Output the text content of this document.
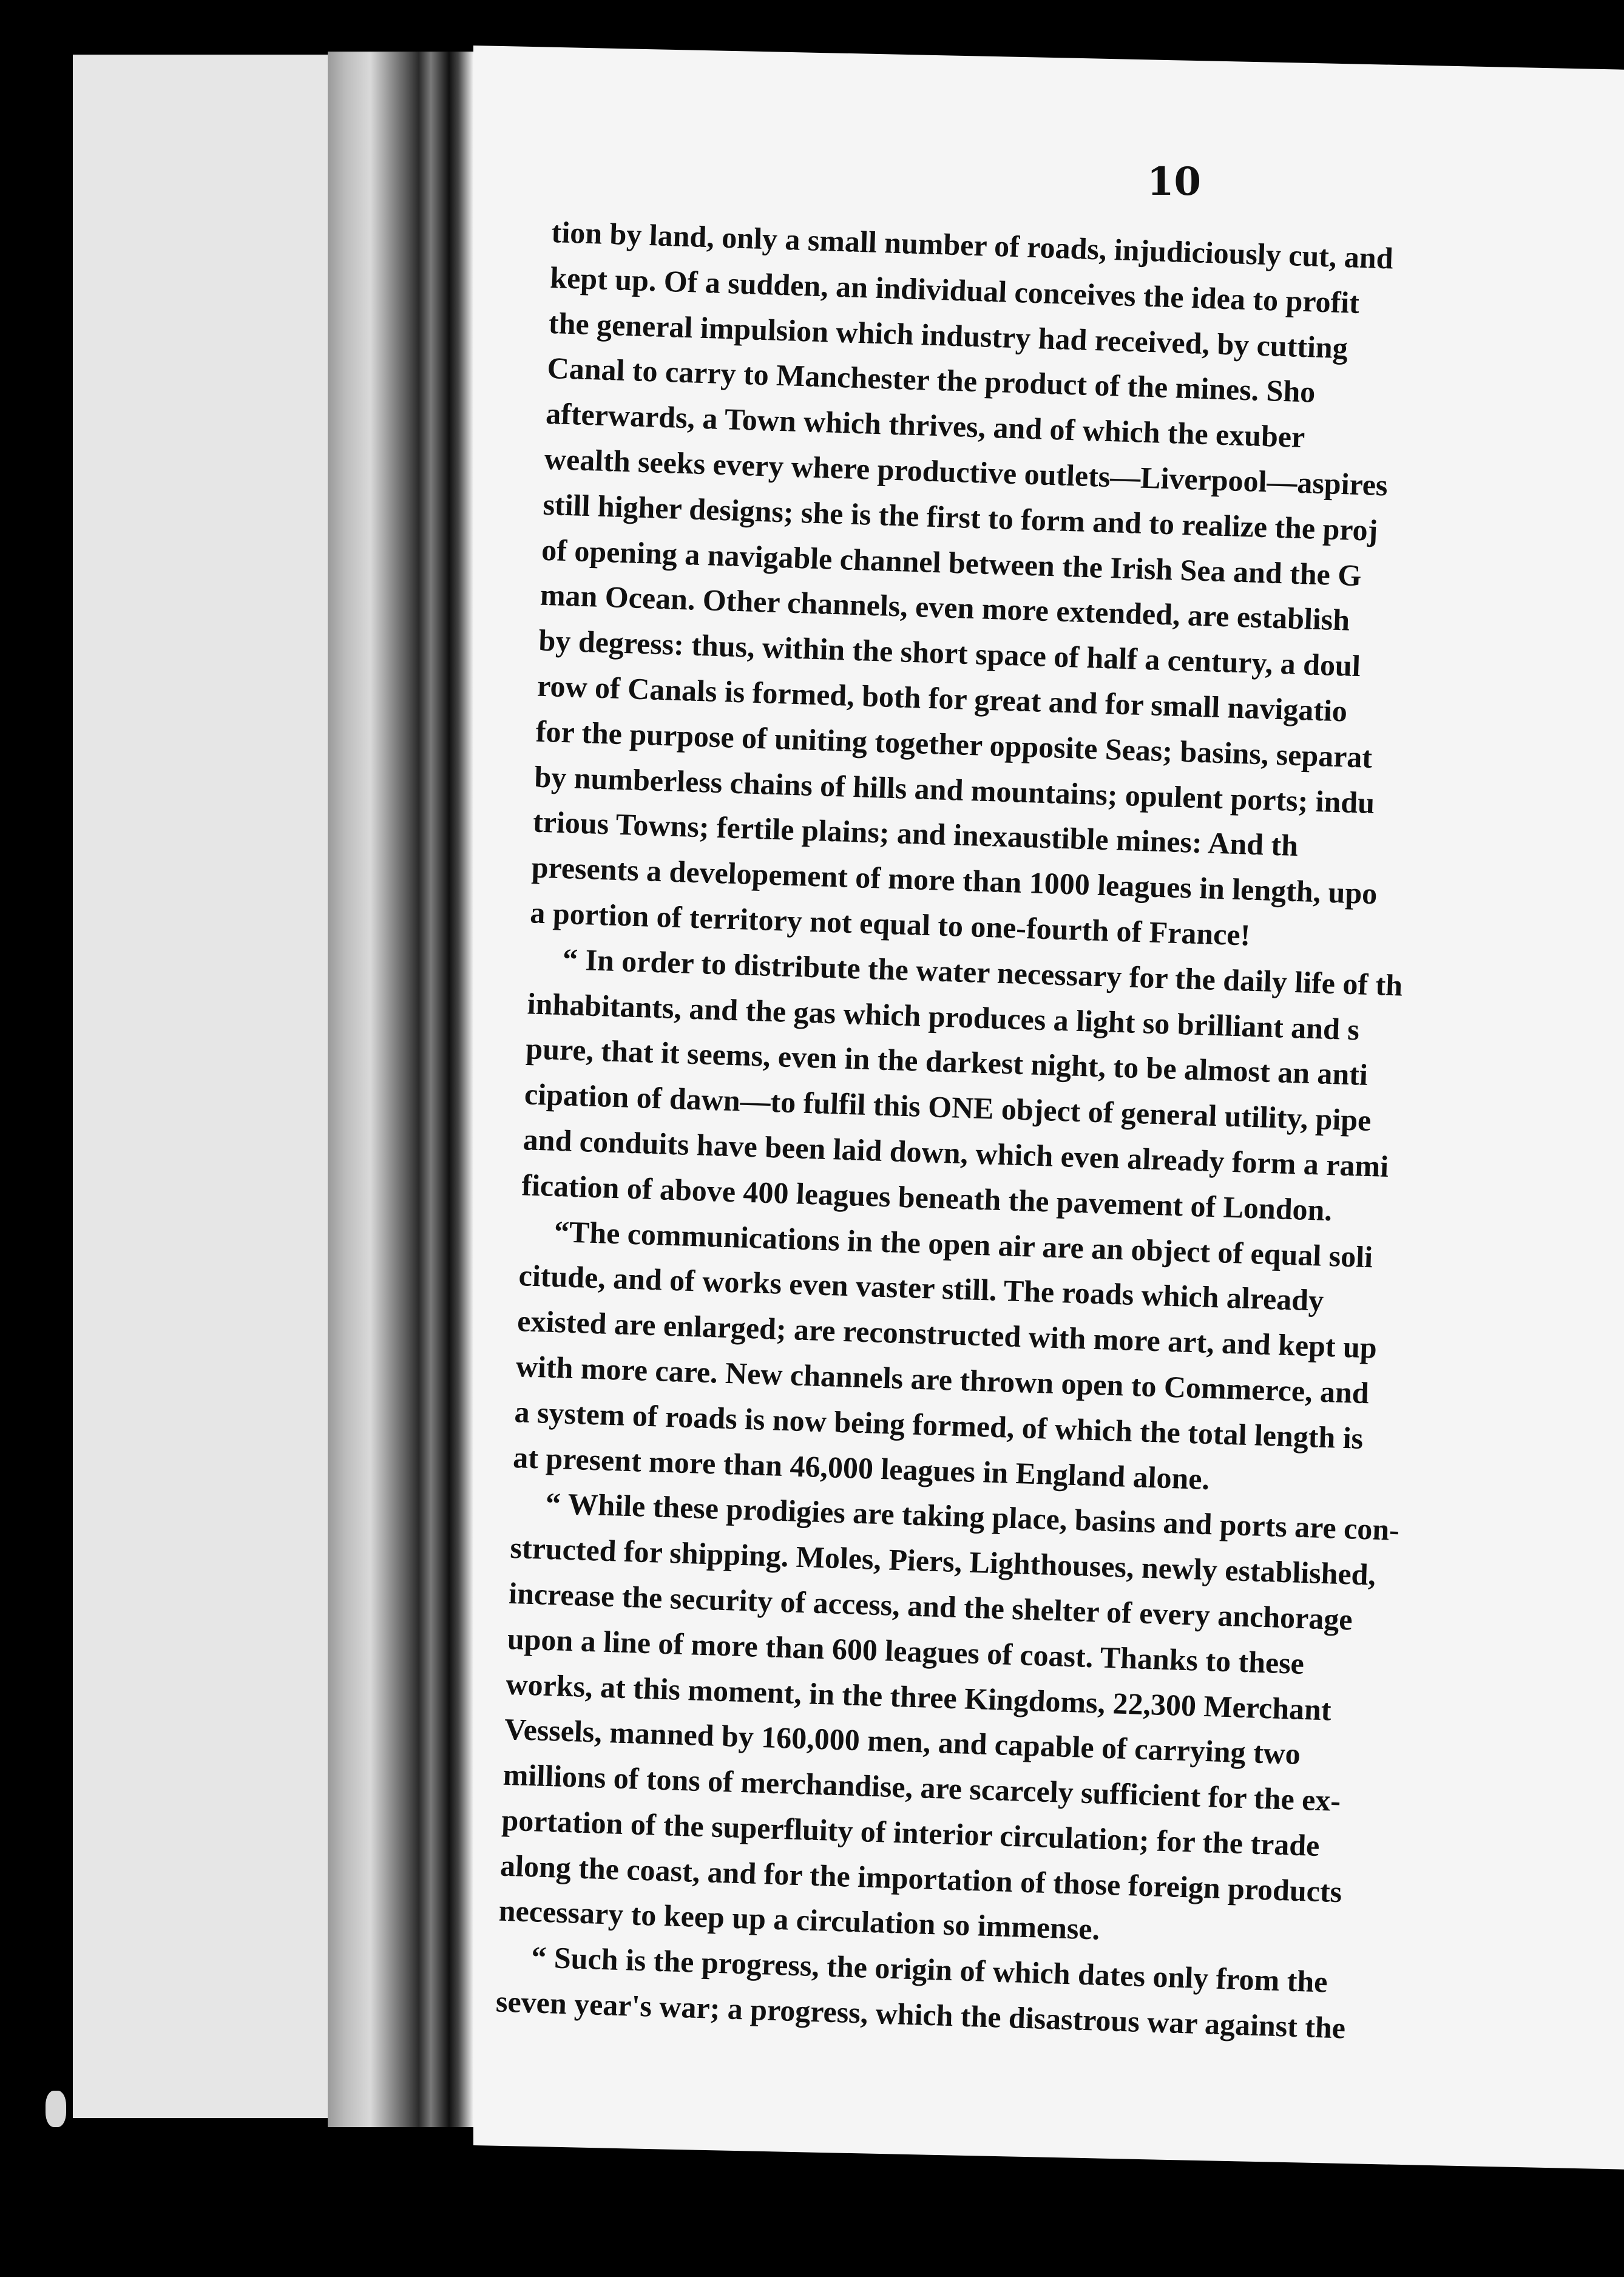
10
tion by land, only a small number of roads, injudiciously cut, and
kept up. Of a sudden, an individual conceives the idea to profit
the general impulsion which industry had received, by cutting
Canal to carry to Manchester the product of the mines. Sho
afterwards, a Town which thrives, and of which the exuber
wealth seeks every where productive outlets—Liverpool—aspires
still higher designs; she is the first to form and to realize the proj
of opening a navigable channel between the Irish Sea and the G
man Ocean. Other channels, even more extended, are establish
by degress: thus, within the short space of half a century, a doul
row of Canals is formed, both for great and for small navigatio
for the purpose of uniting together opposite Seas; basins, separat
by numberless chains of hills and mountains; opulent ports; indu
trious Towns; fertile plains; and inexaustible mines: And th
presents a developement of more than 1000 leagues in length, upo
a portion of territory not equal to one-fourth of France!
“ In order to distribute the water necessary for the daily life of th
inhabitants, and the gas which produces a light so brilliant and s
pure, that it seems, even in the darkest night, to be almost an anti
cipation of dawn—to fulfil this ONE object of general utility, pipe
and conduits have been laid down, which even already form a rami
fication of above 400 leagues beneath the pavement of London.
“The communications in the open air are an object of equal soli
citude, and of works even vaster still. The roads which already
existed are enlarged; are reconstructed with more art, and kept up
with more care. New channels are thrown open to Commerce, and
a system of roads is now being formed, of which the total length is
at present more than 46,000 leagues in England alone.
“ While these prodigies are taking place, basins and ports are con-
structed for shipping. Moles, Piers, Lighthouses, newly established,
increase the security of access, and the shelter of every anchorage
upon a line of more than 600 leagues of coast. Thanks to these
works, at this moment, in the three Kingdoms, 22,300 Merchant
Vessels, manned by 160,000 men, and capable of carrying two
millions of tons of merchandise, are scarcely sufficient for the ex-
portation of the superfluity of interior circulation; for the trade
along the coast, and for the importation of those foreign products
necessary to keep up a circulation so immense.
“ Such is the progress, the origin of which dates only from the
seven year's war; a progress, which the disastrous war against the
